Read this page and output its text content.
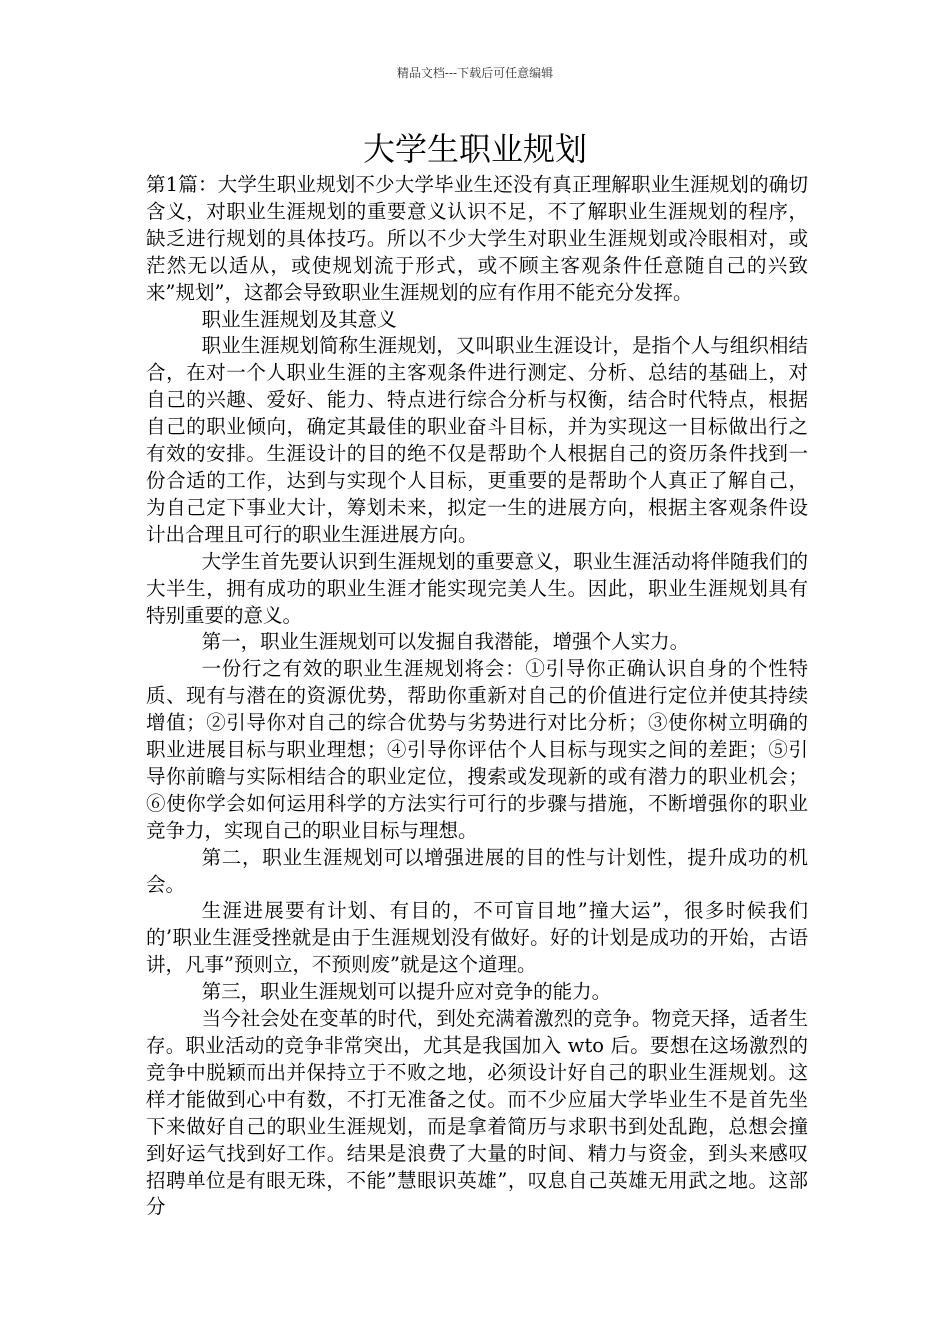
精品文档---下载后可任意编辑
大学生职业规划

第1篇：大学生职业规划不少大学毕业生还没有真正理解职业生涯规划的确切含义，对职业生涯规划的重要意义认识不足，不了解职业生涯规划的程序，缺乏进行规划的具体技巧。所以不少大学生对职业生涯规划或冷眼相对，或茫然无以适从，或使规划流于形式，或不顾主客观条件任意随自己的兴致来”规划”，这都会导致职业生涯规划的应有作用不能充分发挥。

职业生涯规划及其意义

职业生涯规划简称生涯规划，又叫职业生涯设计，是指个人与组织相结合，在对一个人职业生涯的主客观条件进行测定、分析、总结的基础上，对自己的兴趣、爱好、能力、特点进行综合分析与权衡，结合时代特点，根据自己的职业倾向，确定其最佳的职业奋斗目标，并为实现这一目标做出行之有效的安排。生涯设计的目的绝不仅是帮助个人根据自己的资历条件找到一份合适的工作，达到与实现个人目标，更重要的是帮助个人真正了解自己，为自己定下事业大计，筹划未来，拟定一生的进展方向，根据主客观条件设计出合理且可行的职业生涯进展方向。

大学生首先要认识到生涯规划的重要意义，职业生涯活动将伴随我们的大半生，拥有成功的职业生涯才能实现完美人生。因此，职业生涯规划具有特别重要的意义。

第一，职业生涯规划可以发掘自我潜能，增强个人实力。

一份行之有效的职业生涯规划将会：①引导你正确认识自身的个性特质、现有与潜在的资源优势，帮助你重新对自己的价值进行定位并使其持续增值；②引导你对自己的综合优势与劣势进行对比分析；③使你树立明确的职业进展目标与职业理想；④引导你评估个人目标与现实之间的差距；⑤引导你前瞻与实际相结合的职业定位，搜索或发现新的或有潜力的职业机会；⑥使你学会如何运用科学的方法实行可行的步骤与措施，不断增强你的职业竞争力，实现自己的职业目标与理想。

第二，职业生涯规划可以增强进展的目的性与计划性，提升成功的机会。

生涯进展要有计划、有目的，不可盲目地”撞大运”，很多时候我们的’职业生涯受挫就是由于生涯规划没有做好。好的计划是成功的开始，古语讲，凡事”预则立，不预则废”就是这个道理。

第三，职业生涯规划可以提升应对竞争的能力。

当今社会处在变革的时代，到处充满着激烈的竞争。物竞天择，适者生存。职业活动的竞争非常突出，尤其是我国加入 wto 后。要想在这场激烈的竞争中脱颖而出并保持立于不败之地，必须设计好自己的职业生涯规划。这样才能做到心中有数，不打无准备之仗。而不少应届大学毕业生不是首先坐下来做好自己的职业生涯规划，而是拿着简历与求职书到处乱跑，总想会撞到好运气找到好工作。结果是浪费了大量的时间、精力与资金，到头来感叹招聘单位是有眼无珠，不能”慧眼识英雄”，叹息自己英雄无用武之地。这部分
